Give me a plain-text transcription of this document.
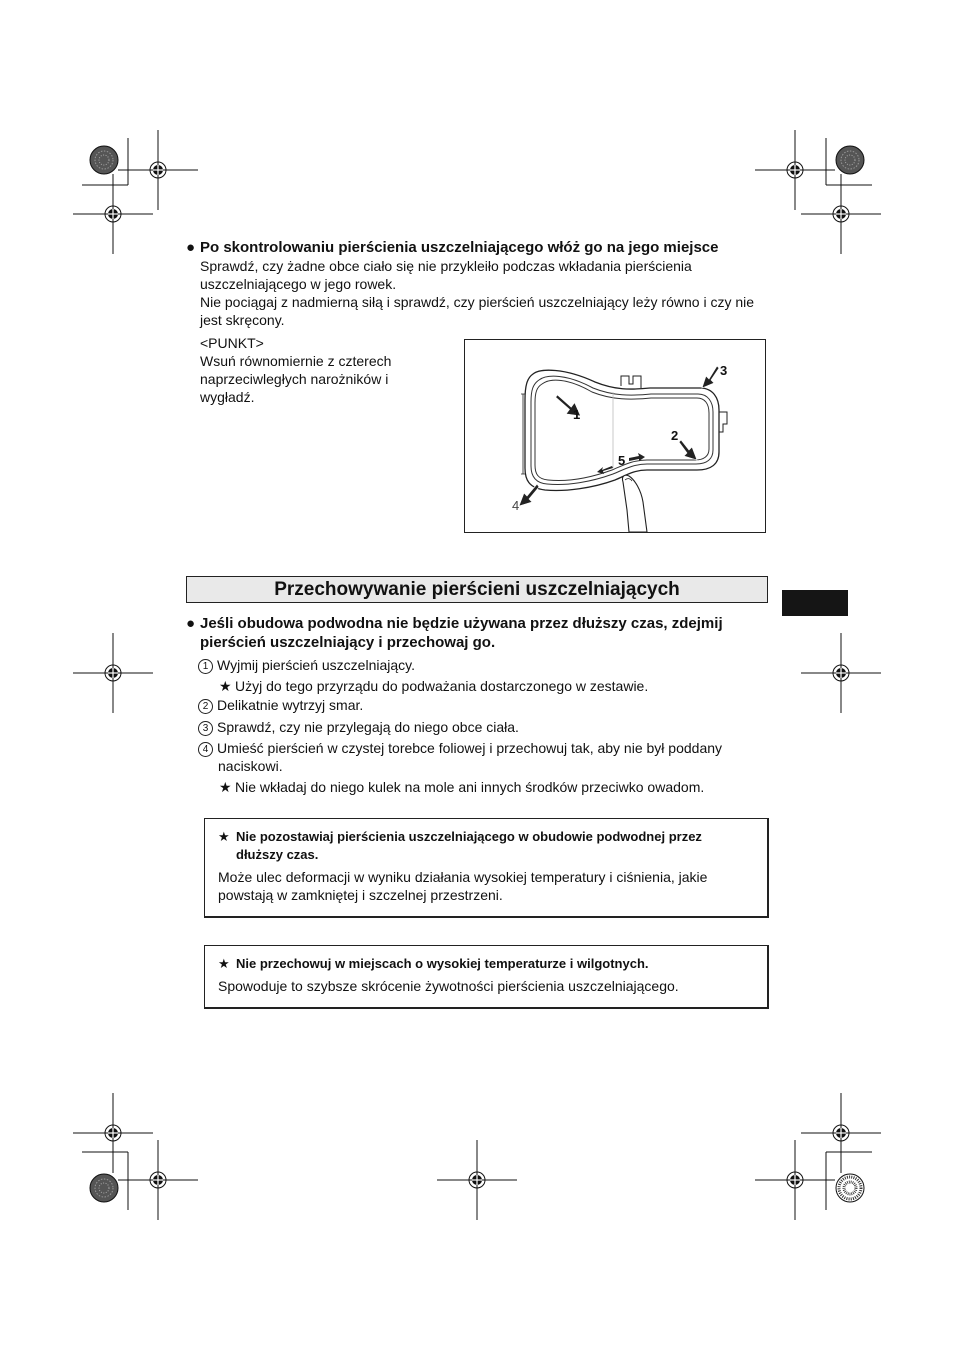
● Po skontrolowaniu pierścienia uszczelniającego włóż go na jego miejsce
Sprawdź, czy żadne obce ciało się nie przykleiło podczas wkładania pierścienia
uszczelniającego w jego rowek.
Nie pociągaj z nadmierną siłą i sprawdź, czy pierścień uszczelniający leży równo i czy nie
jest skręcony.
<PUNKT>
Wsuń równomiernie z czterech
naprzeciwległych narożników i
wygładź.
1
2
3
4
5
Przechowywanie pierścieni uszczelniających
● Jeśli obudowa podwodna nie będzie używana przez dłuższy czas, zdejmij
pierścień uszczelniający i przechowaj go.
1 Wyjmij pierścień uszczelniający.
★ Użyj do tego przyrządu do podważania dostarczonego w zestawie.
2 Delikatnie wytrzyj smar.
3 Sprawdź, czy nie przylegają do niego obce ciała.
4 Umieść pierścień w czystej torebce foliowej i przechowuj tak, aby nie był poddany
naciskowi.
★ Nie wkładaj do niego kulek na mole ani innych środków przeciwko owadom.
★ Nie pozostawiaj pierścienia uszczelniającego w obudowie podwodnej przez
dłuższy czas.
Może ulec deformacji w wyniku działania wysokiej temperatury i ciśnienia, jakie
powstają w zamkniętej i szczelnej przestrzeni.
★ Nie przechowuj w miejscach o wysokiej temperaturze i wilgotnych.
Spowoduje to szybsze skrócenie żywotności pierścienia uszczelniającego.
